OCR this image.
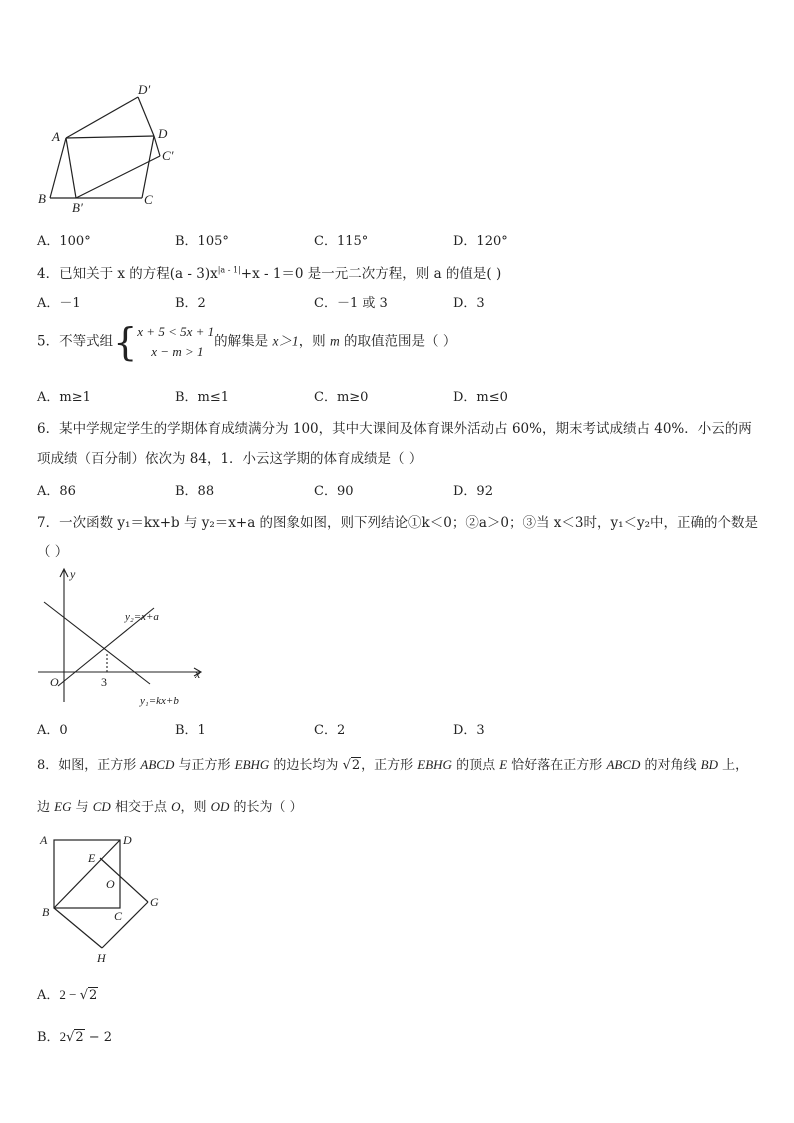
D′
A	D
C′
B
B′
C
A．100°	B．105°	C．115°	D．120°
4．已知关于 x 的方程$(a - 3)x^{|a - 1|}+x - 1=0$ 是一元二次方程，则 a 的值是( )
A．－1	B．2	C．－1 或 3	D．3
5．不等式组{x + 5 < 5x + 1
x − m > 1的解集是 x＞1，则 m 的取值范围是（ ）
A．m≥1	B．m≤1	C．m≥0	D．m≤0
6．某中学规定学生的学期体育成绩满分为 100，其中大课间及体育课外活动占 60%，期末考试成绩占 40%．小云的两
项成绩（百分制）依次为 84，1．小云这学期的体育成绩是（ ）
A．86	B．88	C．90	D．92
7．一次函数 y₁＝kx+b 与 y₂＝x+a 的图象如图，则下列结论①k＜0；②a＞0；③当 x＜3时，y₁＜y₂中，正确的个数是
（ ）
y
x
O	3
y₂=x+a
y₁=kx+b
A．0	B．1	C．2	D．3
8．如图，正方形 ABCD 与正方形 EBHG 的边长均为 √2，正方形 EBHG 的顶点 E 恰好落在正方形 ABCD 的对角线 BD 上，
边 EG 与 CD 相交于点 O，则 OD 的长为（ ）
A	D
E
O
B	C
G
H
A．2 − √2
B．2√2 − 2
